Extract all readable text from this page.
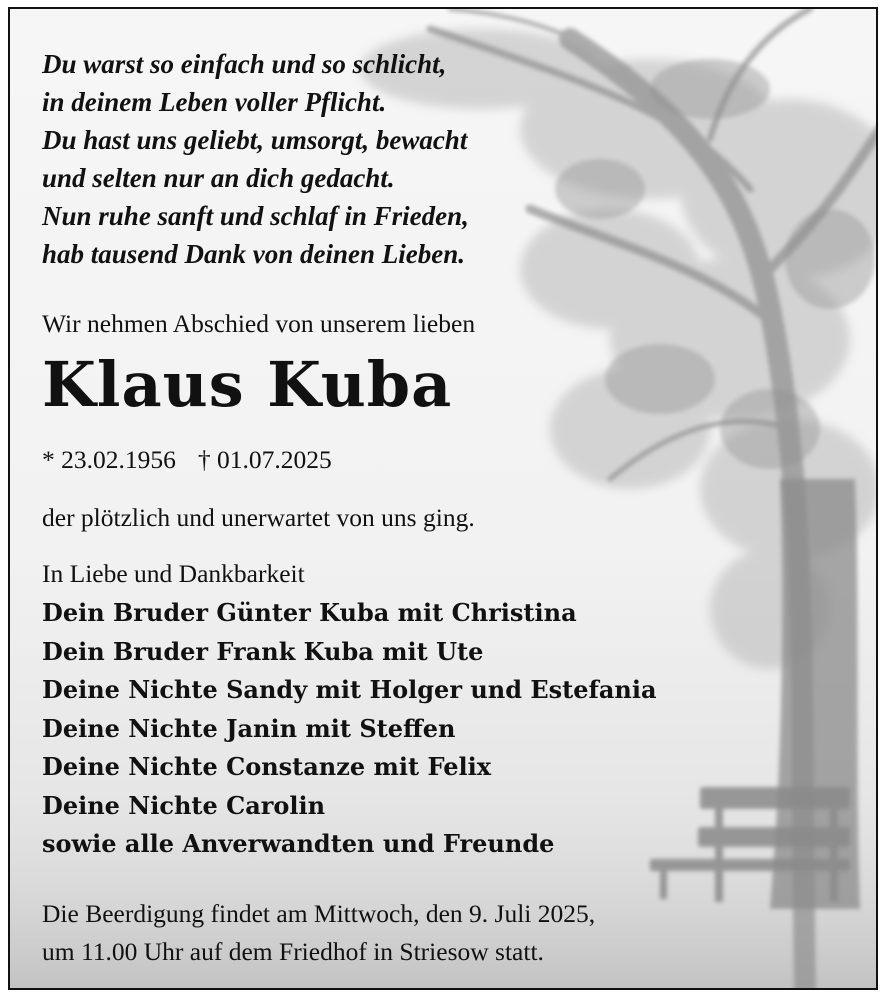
Du warst so einfach und so schlicht,
in deinem Leben voller Pflicht.
Du hast uns geliebt, umsorgt, bewacht
und selten nur an dich gedacht.
Nun ruhe sanft und schlaf in Frieden,
hab tausend Dank von deinen Lieben.
Wir nehmen Abschied von unserem lieben
Klaus Kuba
* 23.02.1956 † 01.07.2025
der plötzlich und unerwartet von uns ging.
In Liebe und Dankbarkeit
Dein Bruder Günter Kuba mit Christina
Dein Bruder Frank Kuba mit Ute
Deine Nichte Sandy mit Holger und Estefania
Deine Nichte Janin mit Steffen
Deine Nichte Constanze mit Felix
Deine Nichte Carolin
sowie alle Anverwandten und Freunde
Die Beerdigung findet am Mittwoch, den 9. Juli 2025,
um 11.00 Uhr auf dem Friedhof in Striesow statt.
